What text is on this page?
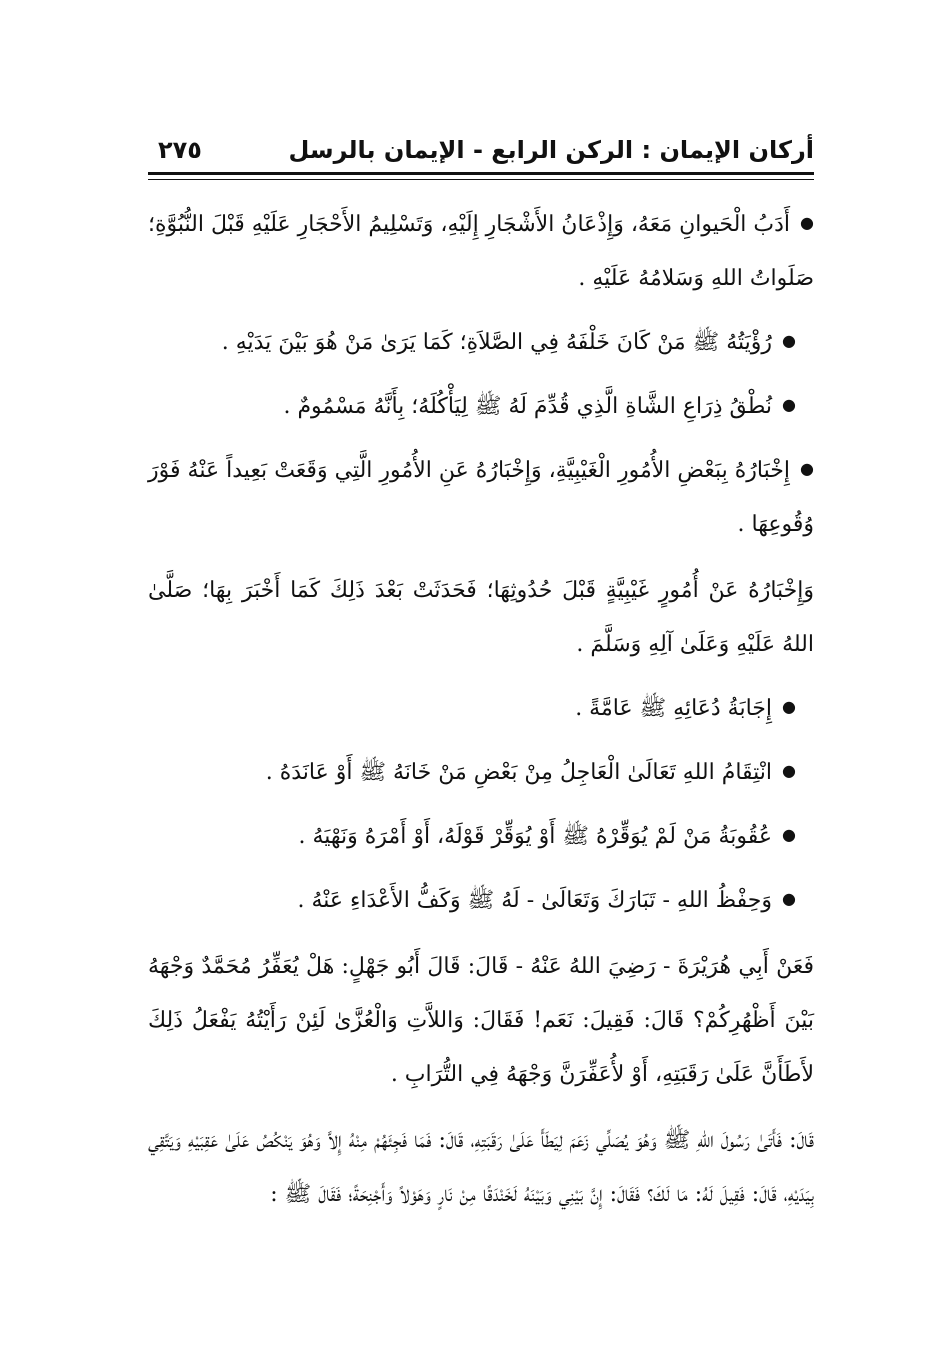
أركان الإيمان : الركن الرابع - الإيمان بالرسل
٢٧٥

● أَدَبُ الْحَيوانِ مَعَهُ، وَإِذْعَانُ الأَشْجَارِ إِلَيْهِ، وَتَسْلِيمُ الأَحْجَارِ عَلَيْهِ قَبْلَ النُّبُوَّةِ؛ صَلَواتُ اللهِ وَسَلامُهُ عَلَيْهِ .

● رُؤْيَتُهُ ﷺ مَنْ كَانَ خَلْفَهُ فِي الصَّلاَةِ؛ كَمَا يَرَىٰ مَنْ هُوَ بَيْنَ يَدَيْهِ .

● نُطْقُ ذِرَاعِ الشَّاةِ الَّذِي قُدِّمَ لَهُ ﷺ لِيَأْكُلَهُ؛ بِأَنَّهُ مَسْمُومٌ .

● إِخْبَارُهُ بِبَعْضِ الأُمُورِ الْغَيْبِيَّةِ، وَإِخْبَارُهُ عَنِ الأُمُورِ الَّتِي وَقَعَتْ بَعِيداً عَنْهُ فَوْرَ وُقُوعِهَا .

وَإِخْبَارُهُ عَنْ أُمُورٍ غَيْبِيَّةٍ قَبْلَ حُدُوثِهَا؛ فَحَدَثَتْ بَعْدَ ذَلِكَ كَمَا أَخْبَرَ بِهَا؛ صَلَّىٰ اللهُ عَلَيْهِ وَعَلَىٰ آلِهِ وَسَلَّمَ .

● إِجَابَةُ دُعَائِهِ ﷺ عَامَّةً .

● انْتِقَامُ اللهِ تَعَالَىٰ الْعَاجِلُ مِنْ بَعْضِ مَنْ خَانَهُ ﷺ أَوْ عَانَدَهُ .

● عُقُوبَةُ مَنْ لَمْ يُوَقِّرْهُ ﷺ أَوْ يُوَقِّرْ قَوْلَهُ، أَوْ أَمْرَهُ وَنَهْيَهُ .

● وَحِفْظُ اللهِ - تَبَارَكَ وَتَعَالَىٰ - لَهُ ﷺ وَكَفُّ الأَعْدَاءِ عَنْهُ .

فَعَنْ أَبِي هُرَيْرَةَ - رَضِيَ اللهُ عَنْهُ - قَالَ: قَالَ أَبُو جَهْلٍ: هَلْ يُعَفِّرُ مُحَمَّدٌ وَجْهَهُ بَيْنَ أَظْهُرِكُمْ؟ قَالَ: فَقِيلَ: نَعَم! فَقَالَ: وَاللاَّتِ وَالْعُزَّىٰ لَئِنْ رَأَيْتُهُ يَفْعَلُ ذَلِكَ لأَطَأَنَّ عَلَىٰ رَقَبَتِهِ، أَوْ لأُعَفِّرَنَّ وَجْهَهُ فِي التُّرَابِ .

قَالَ: فَأَتَىٰ رَسُولَ اللهِ ﷺ وَهُوَ يُصَلِّي زَعَمَ لِيَطَأَ عَلَىٰ رَقَبَتِهِ، قَالَ: فَمَا فَجِئَهُمْ مِنْهُ إِلاَّ وَهُوَ يَنْكُصُ عَلَىٰ عَقِبَيْهِ وَيَتَّقِي بِيَدَيْهِ، قَالَ: فَقِيلَ لَهُ: مَا لَكَ؟ فَقَالَ: إِنَّ بَيْنِي وَبَيْنَهُ لَخَنْدَقًا مِنْ نَارٍ وَهَوْلاً وَأَجْنِحَةً؛ فَقَالَ ﷺ :
